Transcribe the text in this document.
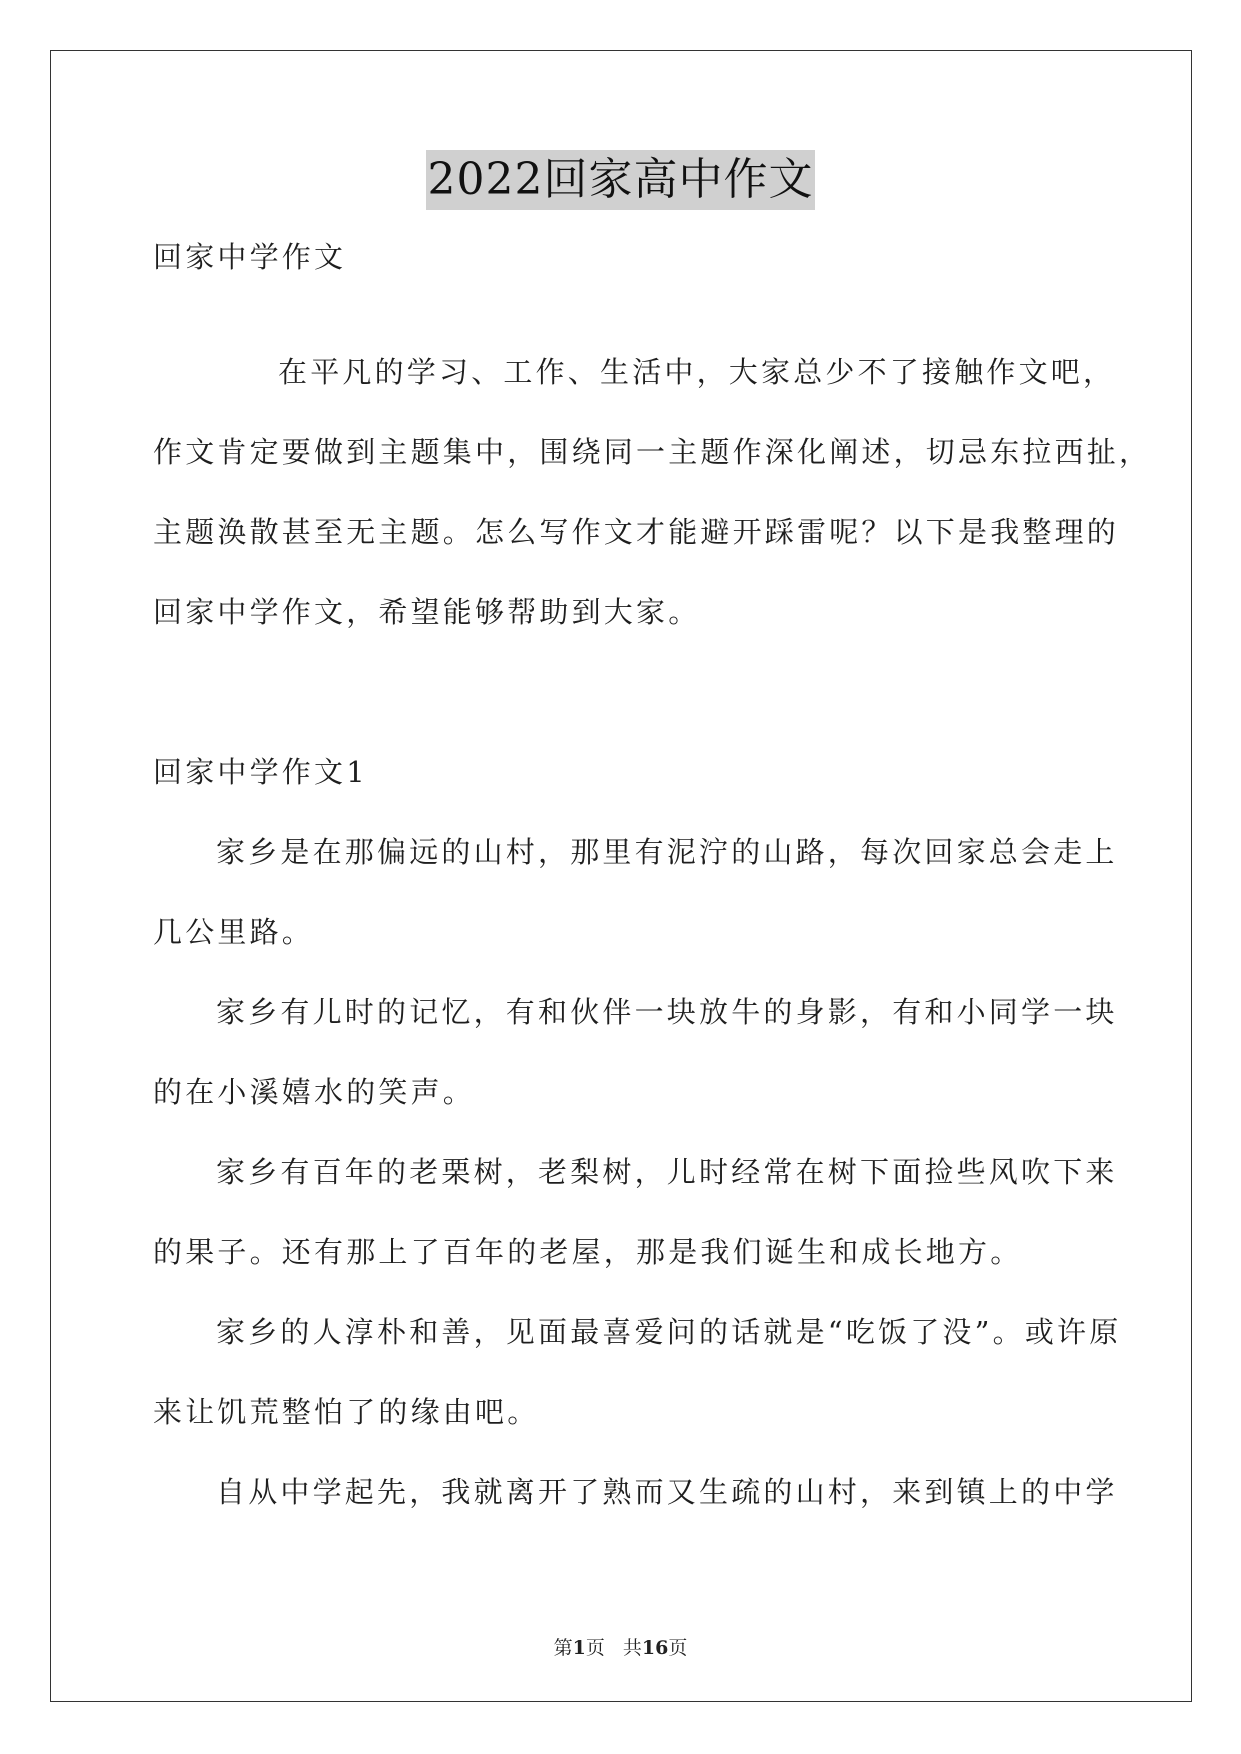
2022回家高中作文
回家中学作文
在平凡的学习、工作、生活中，大家总少不了接触作文吧，
作文肯定要做到主题集中，围绕同一主题作深化阐述，切忌东拉西扯，
主题涣散甚至无主题。怎么写作文才能避开踩雷呢？以下是我整理的
回家中学作文，希望能够帮助到大家。
回家中学作文1
家乡是在那偏远的山村，那里有泥泞的山路，每次回家总会走上
几公里路。
家乡有儿时的记忆，有和伙伴一块放牛的身影，有和小同学一块
的在小溪嬉水的笑声。
家乡有百年的老栗树，老梨树，儿时经常在树下面捡些风吹下来
的果子。还有那上了百年的老屋，那是我们诞生和成长地方。
家乡的人淳朴和善，见面最喜爱问的话就是“吃饭了没”。或许原
来让饥荒整怕了的缘由吧。
自从中学起先，我就离开了熟而又生疏的山村，来到镇上的中学
第1页 共16页
